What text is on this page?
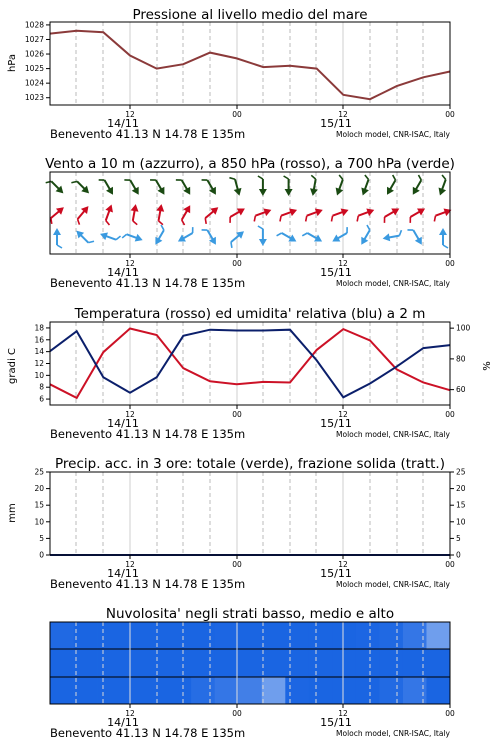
Pressione al livello medio del mare
hPa
1023
1024
1025
1026
1027
1028
12	00	12	00
14/11	15/11
Benevento 41.13 N 14.78 E 135m	Moloch model, CNR-ISAC, Italy
Vento a 10 m (azzurro), a 850 hPa (rosso), a 700 hPa (verde)
12	00	12	00
14/11	15/11
Benevento 41.13 N 14.78 E 135m	Moloch model, CNR-ISAC, Italy
Temperatura (rosso) ed umidita' relativa (blu) a 2 m
gradi C	%
6
8
10
12
14
16
18
60
80
100
12	00	12	00
14/11	15/11
Benevento 41.13 N 14.78 E 135m	Moloch model, CNR-ISAC, Italy
Precip. acc. in 3 ore: totale (verde), frazione solida (tratt.)
mm
0
5
10
15
20
25
0
5
10
15
20
25
12	00	12	00
14/11	15/11
Benevento 41.13 N 14.78 E 135m	Moloch model, CNR-ISAC, Italy
Nuvolosita' negli strati basso, medio e alto
12	00	12	00
14/11	15/11
Benevento 41.13 N 14.78 E 135m	Moloch model, CNR-ISAC, Italy
